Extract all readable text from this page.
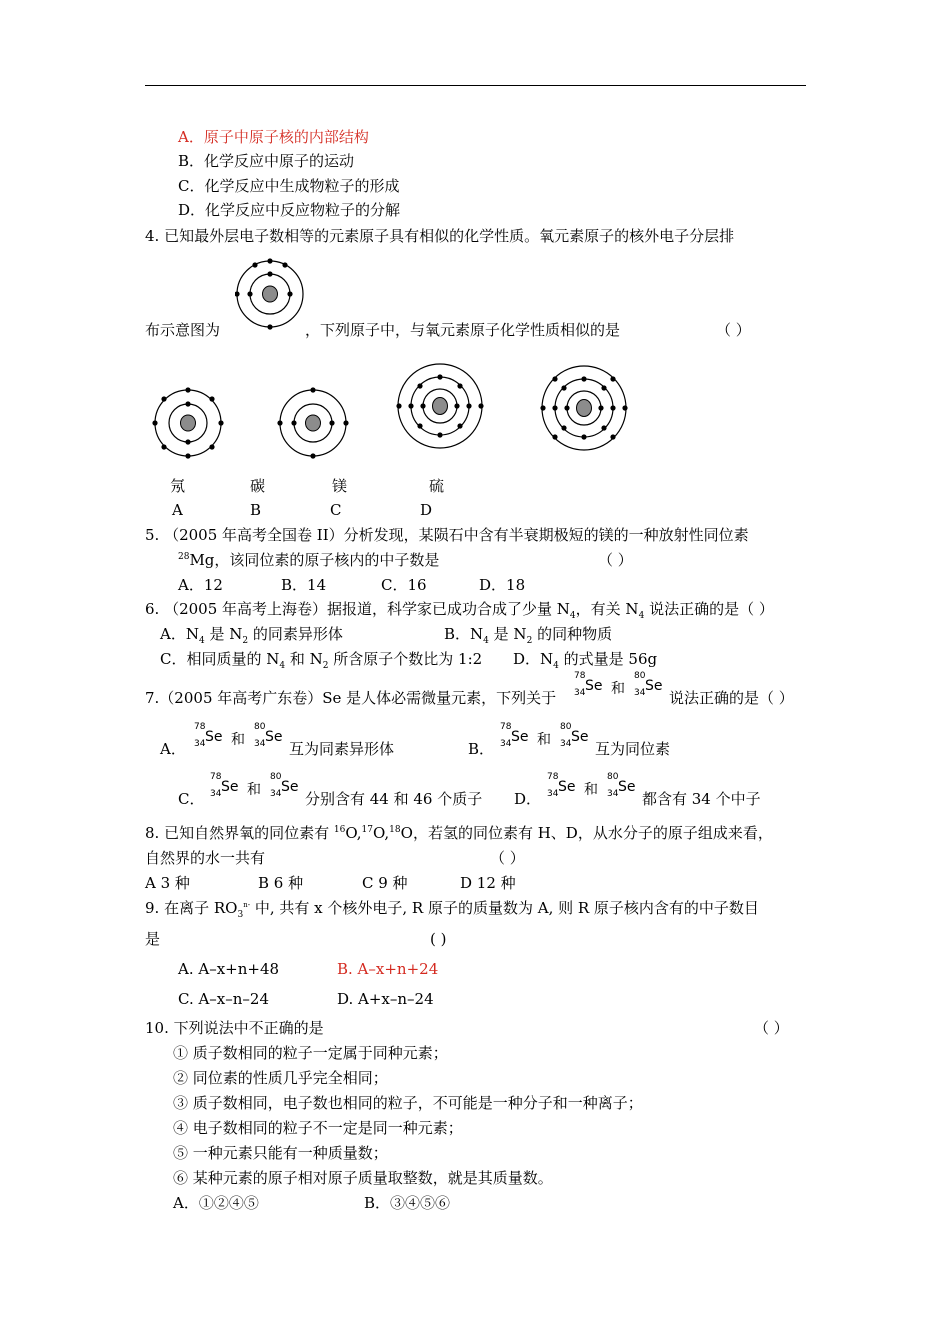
A．原子中原子核的内部结构
B．化学反应中原子的运动
C．化学反应中生成物粒子的形成
D．化学反应中反应物粒子的分解
4. 已知最外层电子数相等的元素原子具有相似的化学性质。氧元素原子的核外电子分层排
布示意图为	，下列原子中，与氧元素原子化学性质相似的是	（ ）
氖	碳	镁	硫
A	B	C	D
5. （2005 年高考全国卷 II）分析发现，某陨石中含有半衰期极短的镁的一种放射性同位素
$^{28}$Mg，该同位素的原子核内的中子数是	（ ）
A．12	B．14	C．16	D．18
6. （2005 年高考上海卷）据报道，科学家已成功合成了少量 $N_4$，有关 $N_4$ 说法正确的是（ ）
A．$N_4$ 是 $N_2$ 的同素异形体	B．$N_4$ 是 $N_2$ 的同种物质
C．相同质量的 $N_4$ 和 $N_2$ 所含原子个数比为 1:2 D．$N_4$ 的式量是 56g
7.（2005 年高考广东卷）Se 是人体必需微量元素，下列关于	说法正确的是（ ）
78
34 Se 和
80
34 Se
A．
78
34 Se 和
80
34 Se
互为同素异形体	B．
78
34 Se 和
80
34 Se
互为同位素
C．
78
34 Se 和
80
34 Se
分别含有 44 和 46 个质子 D．
78
34 Se 和
80
34 Se
都含有 34 个中子
8. 已知自然界氧的同位素有 $^{16}$O,$^{17}$O,$^{18}$O，若氢的同位素有 H、D，从水分子的原子组成来看，
自然界的水一共有	（ ）
A 3 种	B 6 种	C 9 种	D 12 种
9. 在离子 $RO_3^{n-}$ 中, 共有 x 个核外电子, R 原子的质量数为 A, 则 R 原子核内含有的中子数目
是	( )
A. A–x+n+48	B. A–x+n+24
C. A–x–n–24	D. A+x–n–24
10. 下列说法中不正确的是	（ ）
① 质子数相同的粒子一定属于同种元素；
② 同位素的性质几乎完全相同；
③ 质子数相同，电子数也相同的粒子，不可能是一种分子和一种离子；
④ 电子数相同的粒子不一定是同一种元素；
⑤ 一种元素只能有一种质量数；
⑥ 某种元素的原子相对原子质量取整数，就是其质量数。
A．①②④⑤	B．③④⑤⑥
